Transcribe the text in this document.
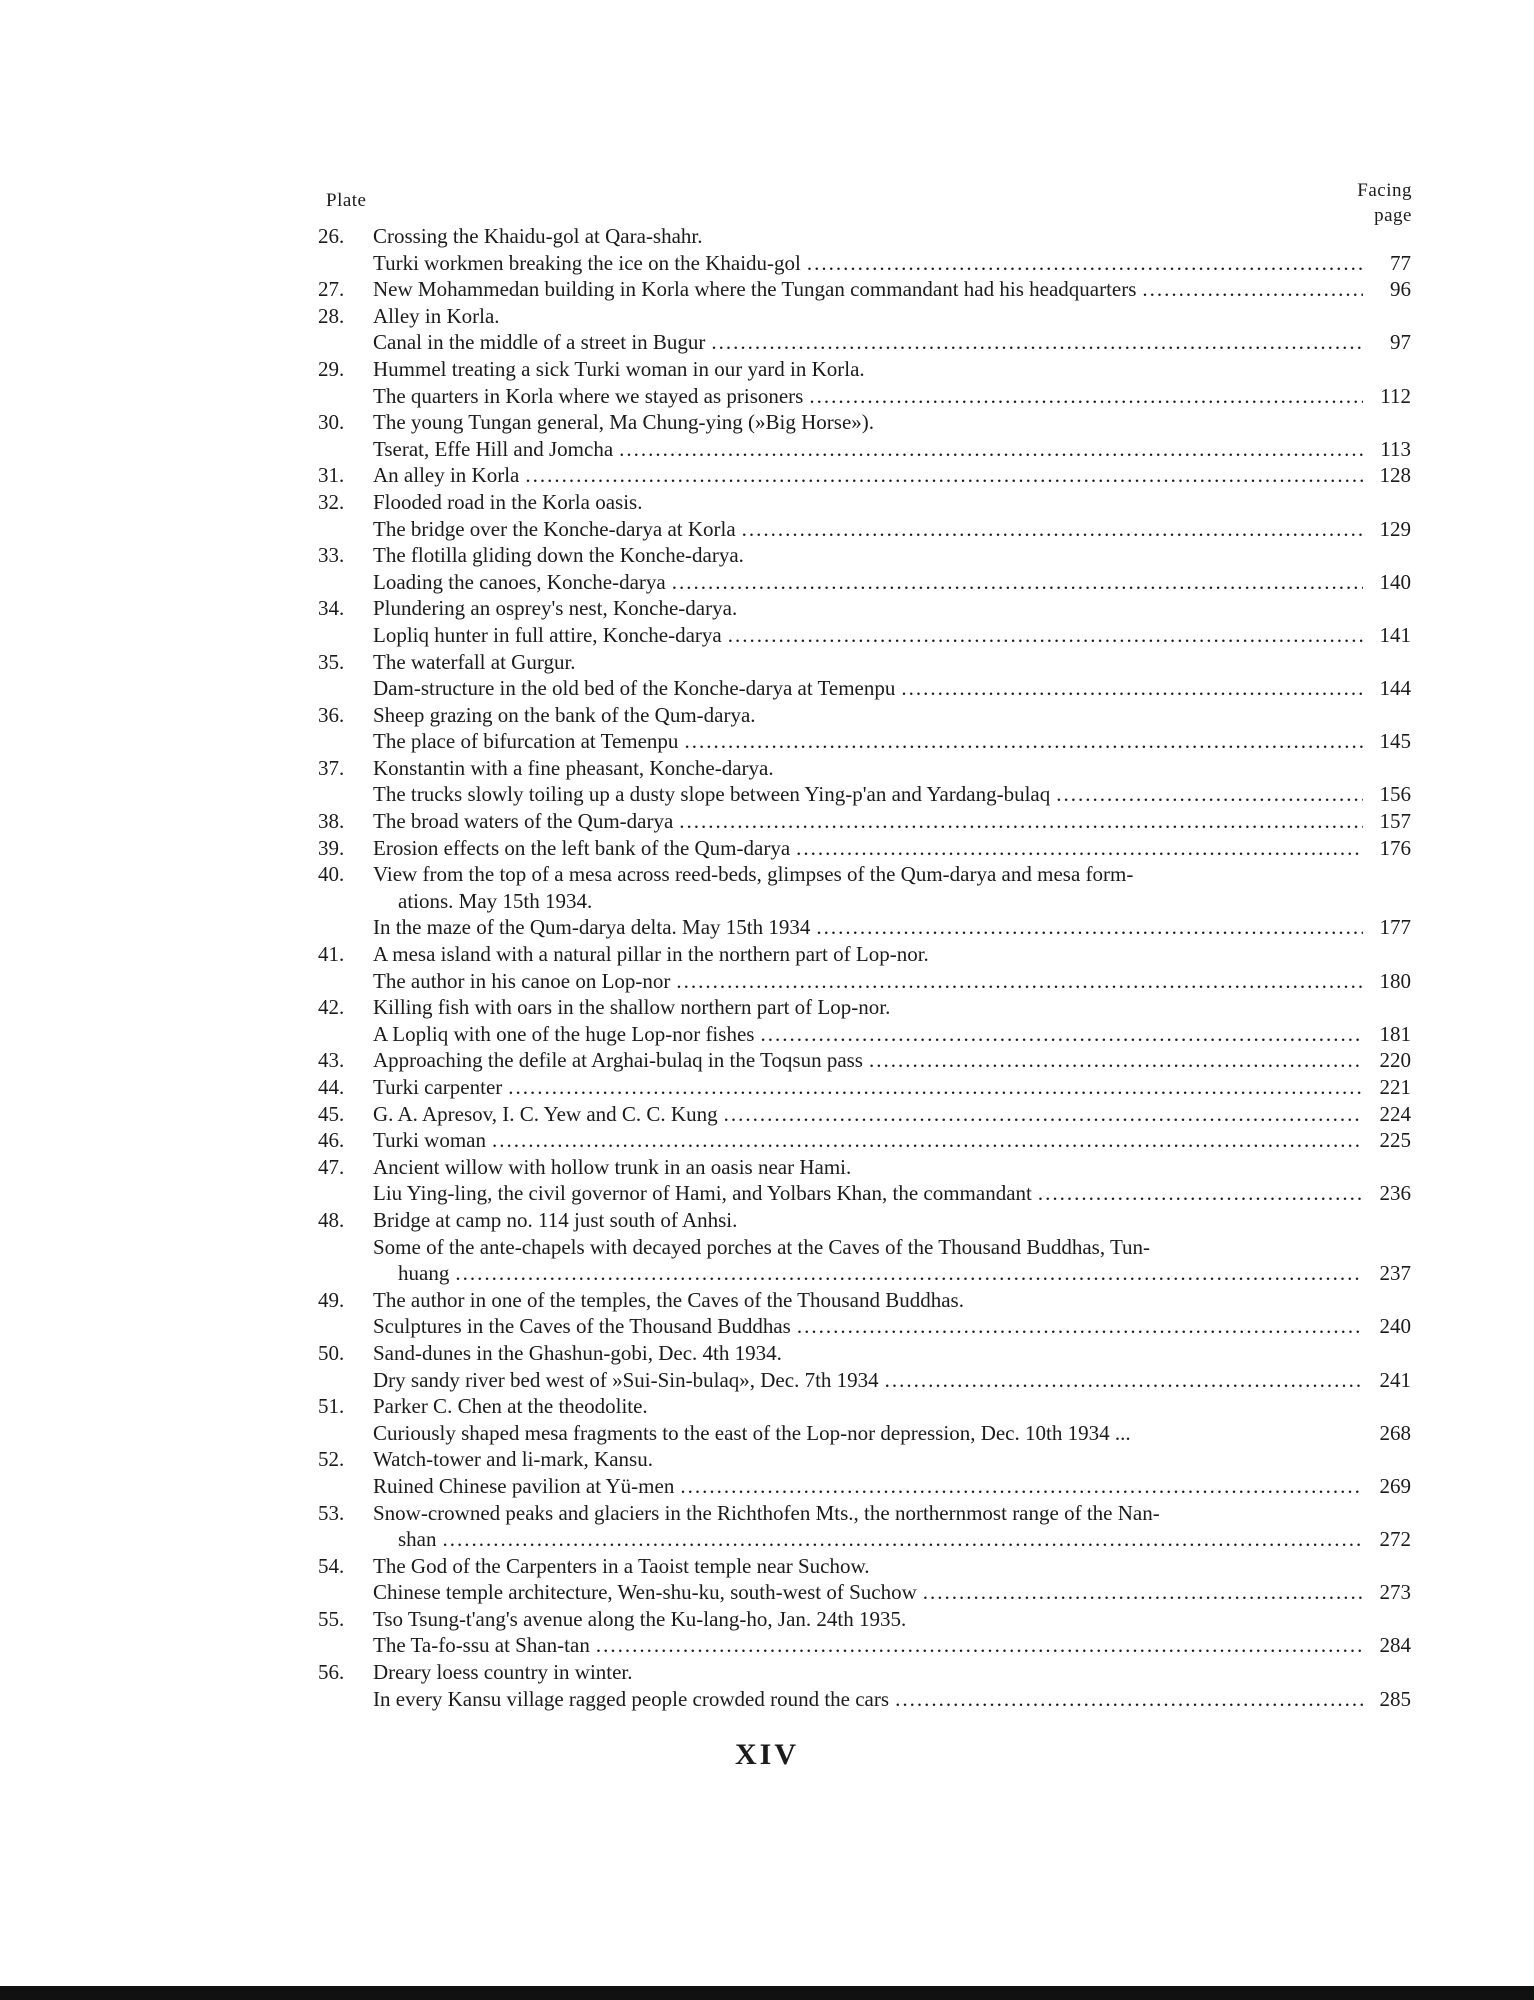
Plate	Facing
page
26.	Crossing the Khaidu-gol at Qara-shahr.
Turki workmen breaking the ice on the Khaidu-gol .....	77
27.	New Mohammedan building in Korla where the Tungan commandant had his headquarters .....	96
28.	Alley in Korla.
Canal in the middle of a street in Bugur .....	97
29.	Hummel treating a sick Turki woman in our yard in Korla.
The quarters in Korla where we stayed as prisoners .....	112
30.	The young Tungan general, Ma Chung-ying (»Big Horse»).
Tserat, Effe Hill and Jomcha .....	113
31.	An alley in Korla .....	128
32.	Flooded road in the Korla oasis.
The bridge over the Konche-darya at Korla .....	129
33.	The flotilla gliding down the Konche-darya.
Loading the canoes, Konche-darya .....	140
34.	Plundering an osprey's nest, Konche-darya.
Lopliq hunter in full attire, Konche-darya .....	141
35.	The waterfall at Gurgur.
Dam-structure in the old bed of the Konche-darya at Temenpu .....	144
36.	Sheep grazing on the bank of the Qum-darya.
The place of bifurcation at Temenpu .....	145
37.	Konstantin with a fine pheasant, Konche-darya.
The trucks slowly toiling up a dusty slope between Ying-p'an and Yardang-bulaq .....	156
38.	The broad waters of the Qum-darya .....	157
39.	Erosion effects on the left bank of the Qum-darya .....	176
40.	View from the top of a mesa across reed-beds, glimpses of the Qum-darya and mesa form-
ations. May 15th 1934.
In the maze of the Qum-darya delta. May 15th 1934 .....	177
41.	A mesa island with a natural pillar in the northern part of Lop-nor.
The author in his canoe on Lop-nor .....	180
42.	Killing fish with oars in the shallow northern part of Lop-nor.
A Lopliq with one of the huge Lop-nor fishes .....	181
43.	Approaching the defile at Arghai-bulaq in the Toqsun pass .....	220
44.	Turki carpenter .....	221
45.	G. A. Apresov, I. C. Yew and C. C. Kung .....	224
46.	Turki woman .....	225
47.	Ancient willow with hollow trunk in an oasis near Hami.
Liu Ying-ling, the civil governor of Hami, and Yolbars Khan, the commandant .....	236
48.	Bridge at camp no. 114 just south of Anhsi.
Some of the ante-chapels with decayed porches at the Caves of the Thousand Buddhas, Tun-
huang .....	237
49.	The author in one of the temples, the Caves of the Thousand Buddhas.
Sculptures in the Caves of the Thousand Buddhas .....	240
50.	Sand-dunes in the Ghashun-gobi, Dec. 4th 1934.
Dry sandy river bed west of »Sui-Sin-bulaq», Dec. 7th 1934 .....	241
51.	Parker C. Chen at the theodolite.
Curiously shaped mesa fragments to the east of the Lop-nor depression, Dec. 10th 1934 ...	268
52.	Watch-tower and li-mark, Kansu.
Ruined Chinese pavilion at Yü-men .....	269
53.	Snow-crowned peaks and glaciers in the Richthofen Mts., the northernmost range of the Nan-
shan .....	272
54.	The God of the Carpenters in a Taoist temple near Suchow.
Chinese temple architecture, Wen-shu-ku, south-west of Suchow .....	273
55.	Tso Tsung-t'ang's avenue along the Ku-lang-ho, Jan. 24th 1935.
The Ta-fo-ssu at Shan-tan .....	284
56.	Dreary loess country in winter.
In every Kansu village ragged people crowded round the cars .....	285
XIV
